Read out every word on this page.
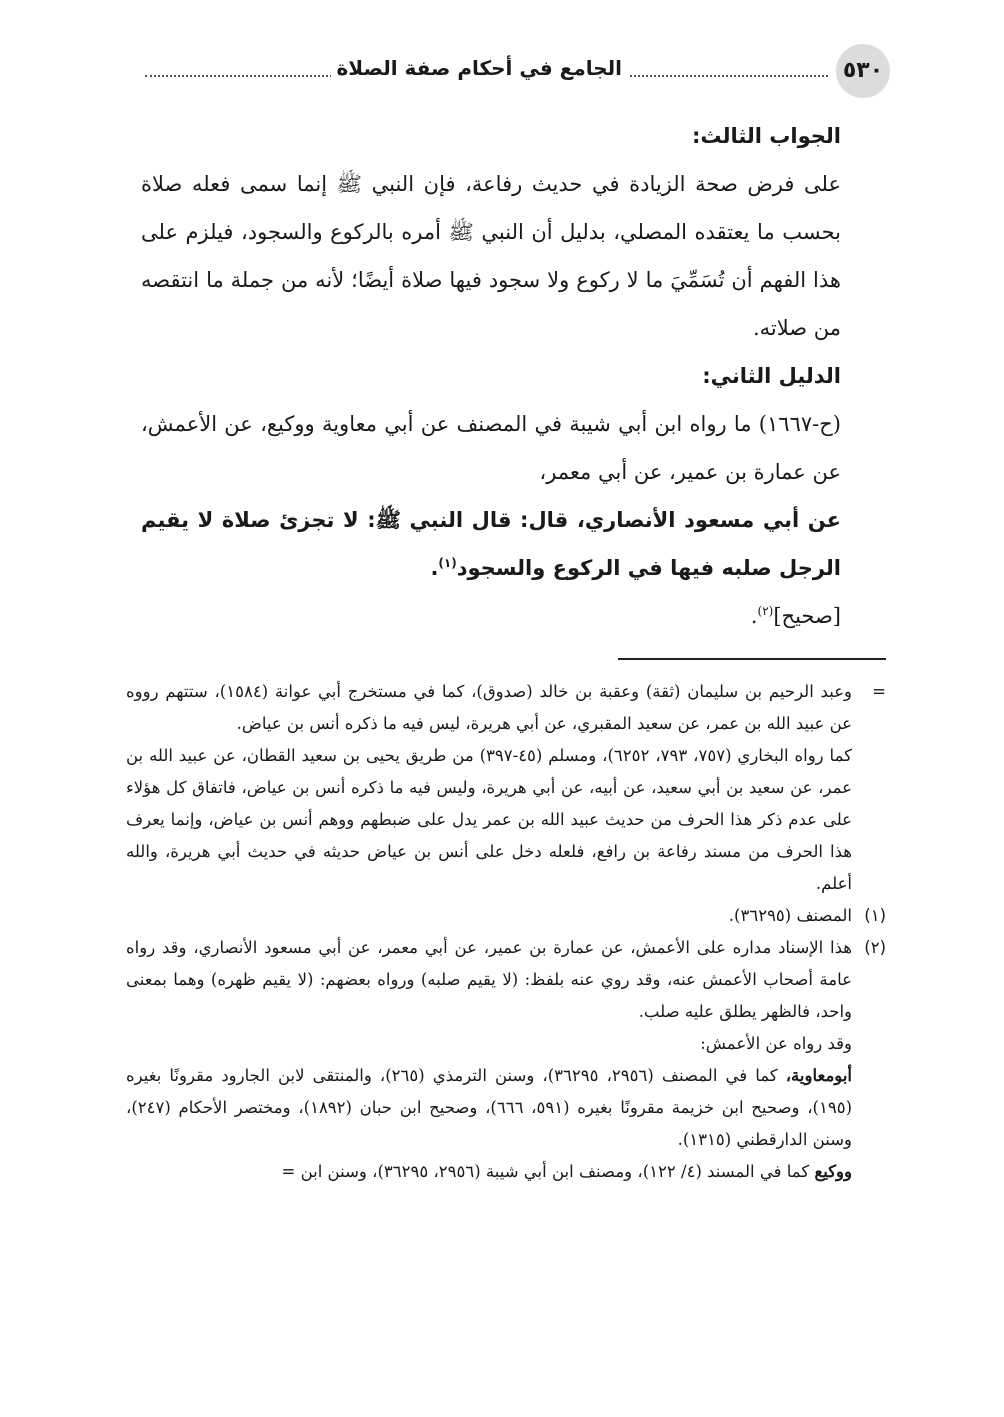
٥٣٠
الجامع في أحكام صفة الصلاة

الجواب الثالث:

على فرض صحة الزيادة في حديث رفاعة، فإن النبي ﷺ إنما سمى فعله صلاة بحسب ما يعتقده المصلي، بدليل أن النبي ﷺ أمره بالركوع والسجود، فيلزم على هذا الفهم أن تُسَمِّيَ ما لا ركوع ولا سجود فيها صلاة أيضًا؛ لأنه من جملة ما انتقصه من صلاته.

الدليل الثاني:

(ح-١٦٦٧) ما رواه ابن أبي شيبة في المصنف عن أبي معاوية ووكيع، عن الأعمش، عن عمارة بن عمير، عن أبي معمر،

عن أبي مسعود الأنصاري، قال: قال النبي ﷺ: لا تجزئ صلاة لا يقيم الرجل صلبه فيها في الركوع والسجود$^{(١)}$.

[صحيح]$^{(٢)}$.

=

وعبد الرحيم بن سليمان (ثقة) وعقبة بن خالد (صدوق)، كما في مستخرج أبي عوانة (١٥٨٤)، ستتهم رووه عن عبيد الله بن عمر، عن سعيد المقبري، عن أبي هريرة، ليس فيه ما ذكره أنس بن عياض.

كما رواه البخاري (٧٥٧، ٧٩٣، ٦٢٥٢)، ومسلم (٤٥-٣٩٧) من طريق يحيى بن سعيد القطان، عن عبيد الله بن عمر، عن سعيد بن أبي سعيد، عن أبيه، عن أبي هريرة، وليس فيه ما ذكره أنس بن عياض، فاتفاق كل هؤلاء على عدم ذكر هذا الحرف من حديث عبيد الله بن عمر يدل على ضبطهم ووهم أنس بن عياض، وإنما يعرف هذا الحرف من مسند رفاعة بن رافع، فلعله دخل على أنس بن عياض حديثه في حديث أبي هريرة، والله أعلم.

(١)
المصنف (٣٦٢٩٥).
(٢)

هذا الإسناد مداره على الأعمش، عن عمارة بن عمير، عن أبي معمر، عن أبي مسعود الأنصاري، وقد رواه عامة أصحاب الأعمش عنه، وقد روي عنه بلفظ: (لا يقيم صلبه) ورواه بعضهم: (لا يقيم ظهره) وهما بمعنى واحد، فالظهر يطلق عليه صلب.

وقد رواه عن الأعمش:

أبومعاوية، كما في المصنف (٢٩٥٦، ٣٦٢٩٥)، وسنن الترمذي (٢٦٥)، والمنتقى لابن الجارود مقرونًا بغيره (١٩٥)، وصحيح ابن خزيمة مقرونًا بغيره (٥٩١، ٦٦٦)، وصحيح ابن حبان (١٨٩٢)، ومختصر الأحكام (٢٤٧)، وسنن الدارقطني (١٣١٥).

ووكيع كما في المسند (٤/ ١٢٢)، ومصنف ابن أبي شيبة (٢٩٥٦، ٣٦٢٩٥)، وسنن ابن =
